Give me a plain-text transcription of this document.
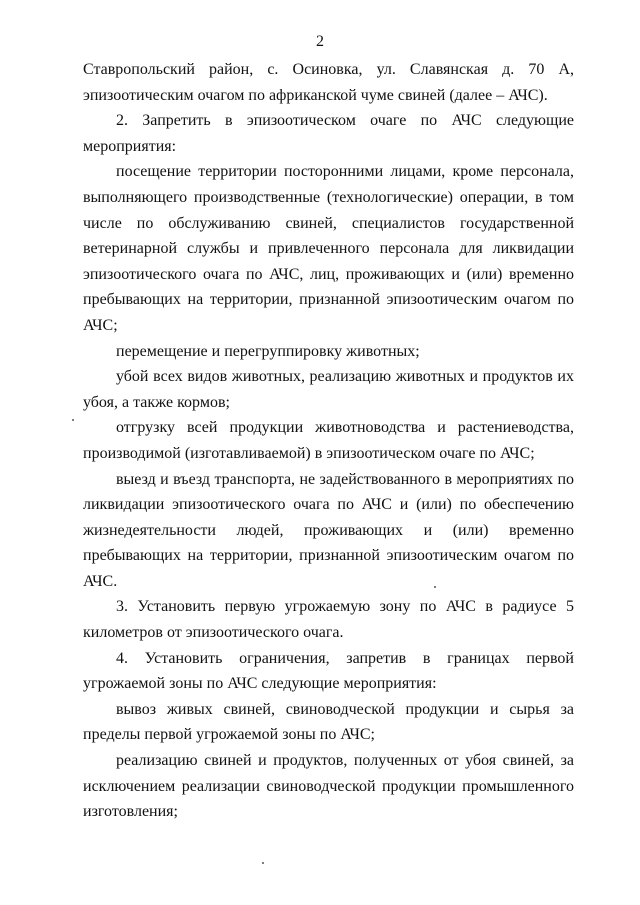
2

Ставропольский район, с. Осиновка, ул. Славянская д. 70 А, эпизоотическим очагом по африканской чуме свиней (далее – АЧС).

2. Запретить в эпизоотическом очаге по АЧС следующие мероприятия:

посещение территории посторонними лицами, кроме персонала, выполняющего производственные (технологические) операции, в том числе по обслуживанию свиней, специалистов государственной ветеринарной службы и привлеченного персонала для ликвидации эпизоотического очага по АЧС, лиц, проживающих и (или) временно пребывающих на территории, признанной эпизоотическим очагом по АЧС;

перемещение и перегруппировку животных;

убой всех видов животных, реализацию животных и продуктов их убоя, а также кормов;

отгрузку всей продукции животноводства и растениеводства, производимой (изготавливаемой) в эпизоотическом очаге по АЧС;

выезд и въезд транспорта, не задействованного в мероприятиях по ликвидации эпизоотического очага по АЧС и (или) по обеспечению жизнедеятельности людей, проживающих и (или) временно пребывающих на территории, признанной эпизоотическим очагом по АЧС.

3. Установить первую угрожаемую зону по АЧС в радиусе 5 километров от эпизоотического очага.

4. Установить ограничения, запретив в границах первой угрожаемой зоны по АЧС следующие мероприятия:

вывоз живых свиней, свиноводческой продукции и сырья за пределы первой угрожаемой зоны по АЧС;

реализацию свиней и продуктов, полученных от убоя свиней, за исключением реализации свиноводческой продукции промышленного изготовления;
